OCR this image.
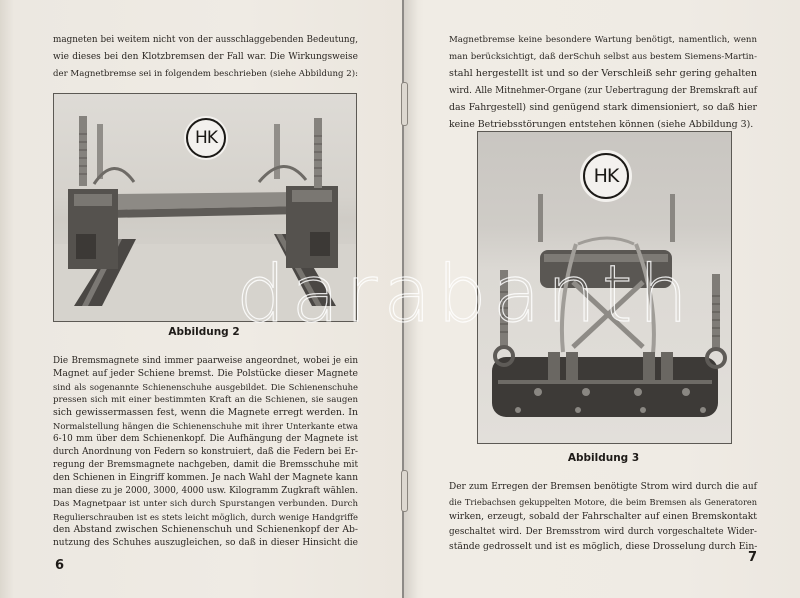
magneten bei weitem nicht von der ausschlaggebenden Bedeutung,
wie dieses bei den Klotzbremsen der Fall war. Die Wirkungsweise
der Magnetbremse sei in folgendem beschrieben (siehe Abbildung 2):
HK
Abbildung 2
Die Bremsmagnete sind immer paarweise angeordnet, wobei je ein
Magnet auf jeder Schiene bremst. Die Polstücke dieser Magnete
sind als sogenannte Schienenschuhe ausgebildet. Die Schienenschuhe
pressen sich mit einer bestimmten Kraft an die Schienen, sie saugen
sich gewissermassen fest, wenn die Magnete erregt werden. In
Normalstellung hängen die Schienenschuhe mit ihrer Unterkante etwa
6-10 mm über dem Schienenkopf. Die Aufhängung der Magnete ist
durch Anordnung von Federn so konstruiert, daß die Federn bei Er-
regung der Bremsmagnete nachgeben, damit die Bremsschuhe mit
den Schienen in Eingriff kommen. Je nach Wahl der Magnete kann
man diese zu je 2000, 3000, 4000 usw. Kilogramm Zugkraft wählen.
Das Magnetpaar ist unter sich durch Spurstangen verbunden. Durch
Regulierschrauben ist es stets leicht möglich, durch wenige Handgriffe
den Abstand zwischen Schienenschuh und Schienenkopf der Ab-
nutzung des Schuhes auszugleichen, so daß in dieser Hinsicht die
6
Magnetbremse keine besondere Wartung benötigt, namentlich, wenn
man berücksichtigt, daß derSchuh selbst aus bestem Siemens-Martin-
stahl hergestellt ist und so der Verschleiß sehr gering gehalten
wird. Alle Mitnehmer-Organe (zur Uebertragung der Bremskraft auf
das Fahrgestell) sind genügend stark dimensioniert, so daß hier
keine Betriebsstörungen entstehen können (siehe Abbildung 3).
HK
Abbildung 3
Der zum Erregen der Bremsen benötigte Strom wird durch die auf
die Triebachsen gekuppelten Motore, die beim Bremsen als Generatoren
wirken, erzeugt, sobald der Fahrschalter auf einen Bremskontakt
geschaltet wird. Der Bremsstrom wird durch vorgeschaltete Wider-
stände gedrosselt und ist es möglich, diese Drosselung durch Ein-
7
